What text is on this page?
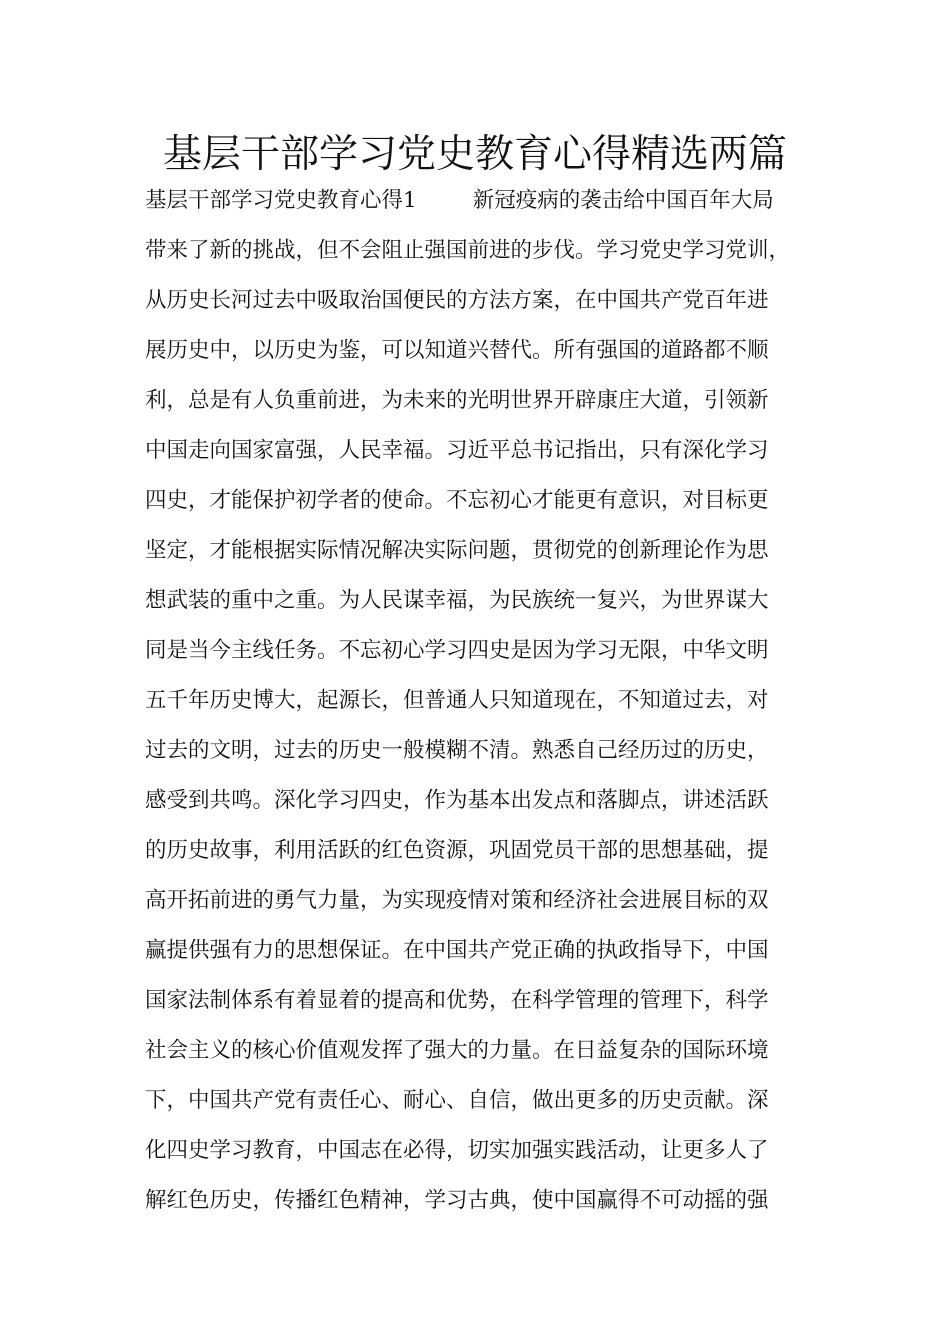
基层干部学习党史教育心得精选两篇
基层干部学习党史教育心得1	新冠疫病的袭击给中国百年大局
带来了新的挑战，但不会阻止强国前进的步伐。学习党史学习党训，
从历史长河过去中吸取治国便民的方法方案，在中国共产党百年进
展历史中，以历史为鉴，可以知道兴替代。所有强国的道路都不顺
利，总是有人负重前进，为未来的光明世界开辟康庄大道，引领新
中国走向国家富强，人民幸福。习近平总书记指出，只有深化学习
四史，才能保护初学者的使命。不忘初心才能更有意识，对目标更
坚定，才能根据实际情况解决实际问题，贯彻党的创新理论作为思
想武装的重中之重。为人民谋幸福，为民族统一复兴，为世界谋大
同是当今主线任务。不忘初心学习四史是因为学习无限，中华文明
五千年历史博大，起源长，但普通人只知道现在，不知道过去，对
过去的文明，过去的历史一般模糊不清。熟悉自己经历过的历史，
感受到共鸣。深化学习四史，作为基本出发点和落脚点，讲述活跃
的历史故事，利用活跃的红色资源，巩固党员干部的思想基础，提
高开拓前进的勇气力量，为实现疫情对策和经济社会进展目标的双
赢提供强有力的思想保证。在中国共产党正确的执政指导下，中国
国家法制体系有着显着的提高和优势，在科学管理的管理下，科学
社会主义的核心价值观发挥了强大的力量。在日益复杂的国际环境
下，中国共产党有责任心、耐心、自信，做出更多的历史贡献。深
化四史学习教育，中国志在必得，切实加强实践活动，让更多人了
解红色历史，传播红色精神，学习古典，使中国赢得不可动摇的强
